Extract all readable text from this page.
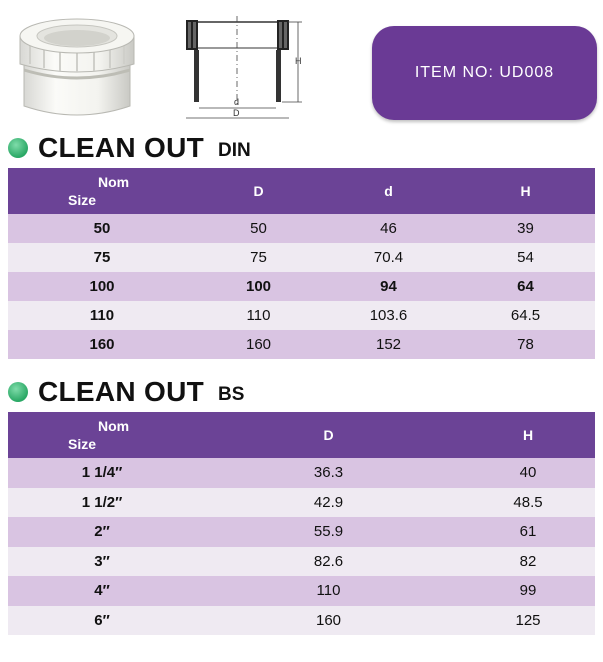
H
d
D
ITEM NO: UD008
CLEAN OUT DIN
Nom
Size	D	d	H
50	50	46	39
75	75	70.4	54
100	100	94	64
110	110	103.6	64.5
160	160	152	78
CLEAN OUT BS
Nom
Size	D	H
1 1/4″	36.3	40
1 1/2″	42.9	48.5
2″	55.9	61
3″	82.6	82
4″	110	99
6″	160	125
